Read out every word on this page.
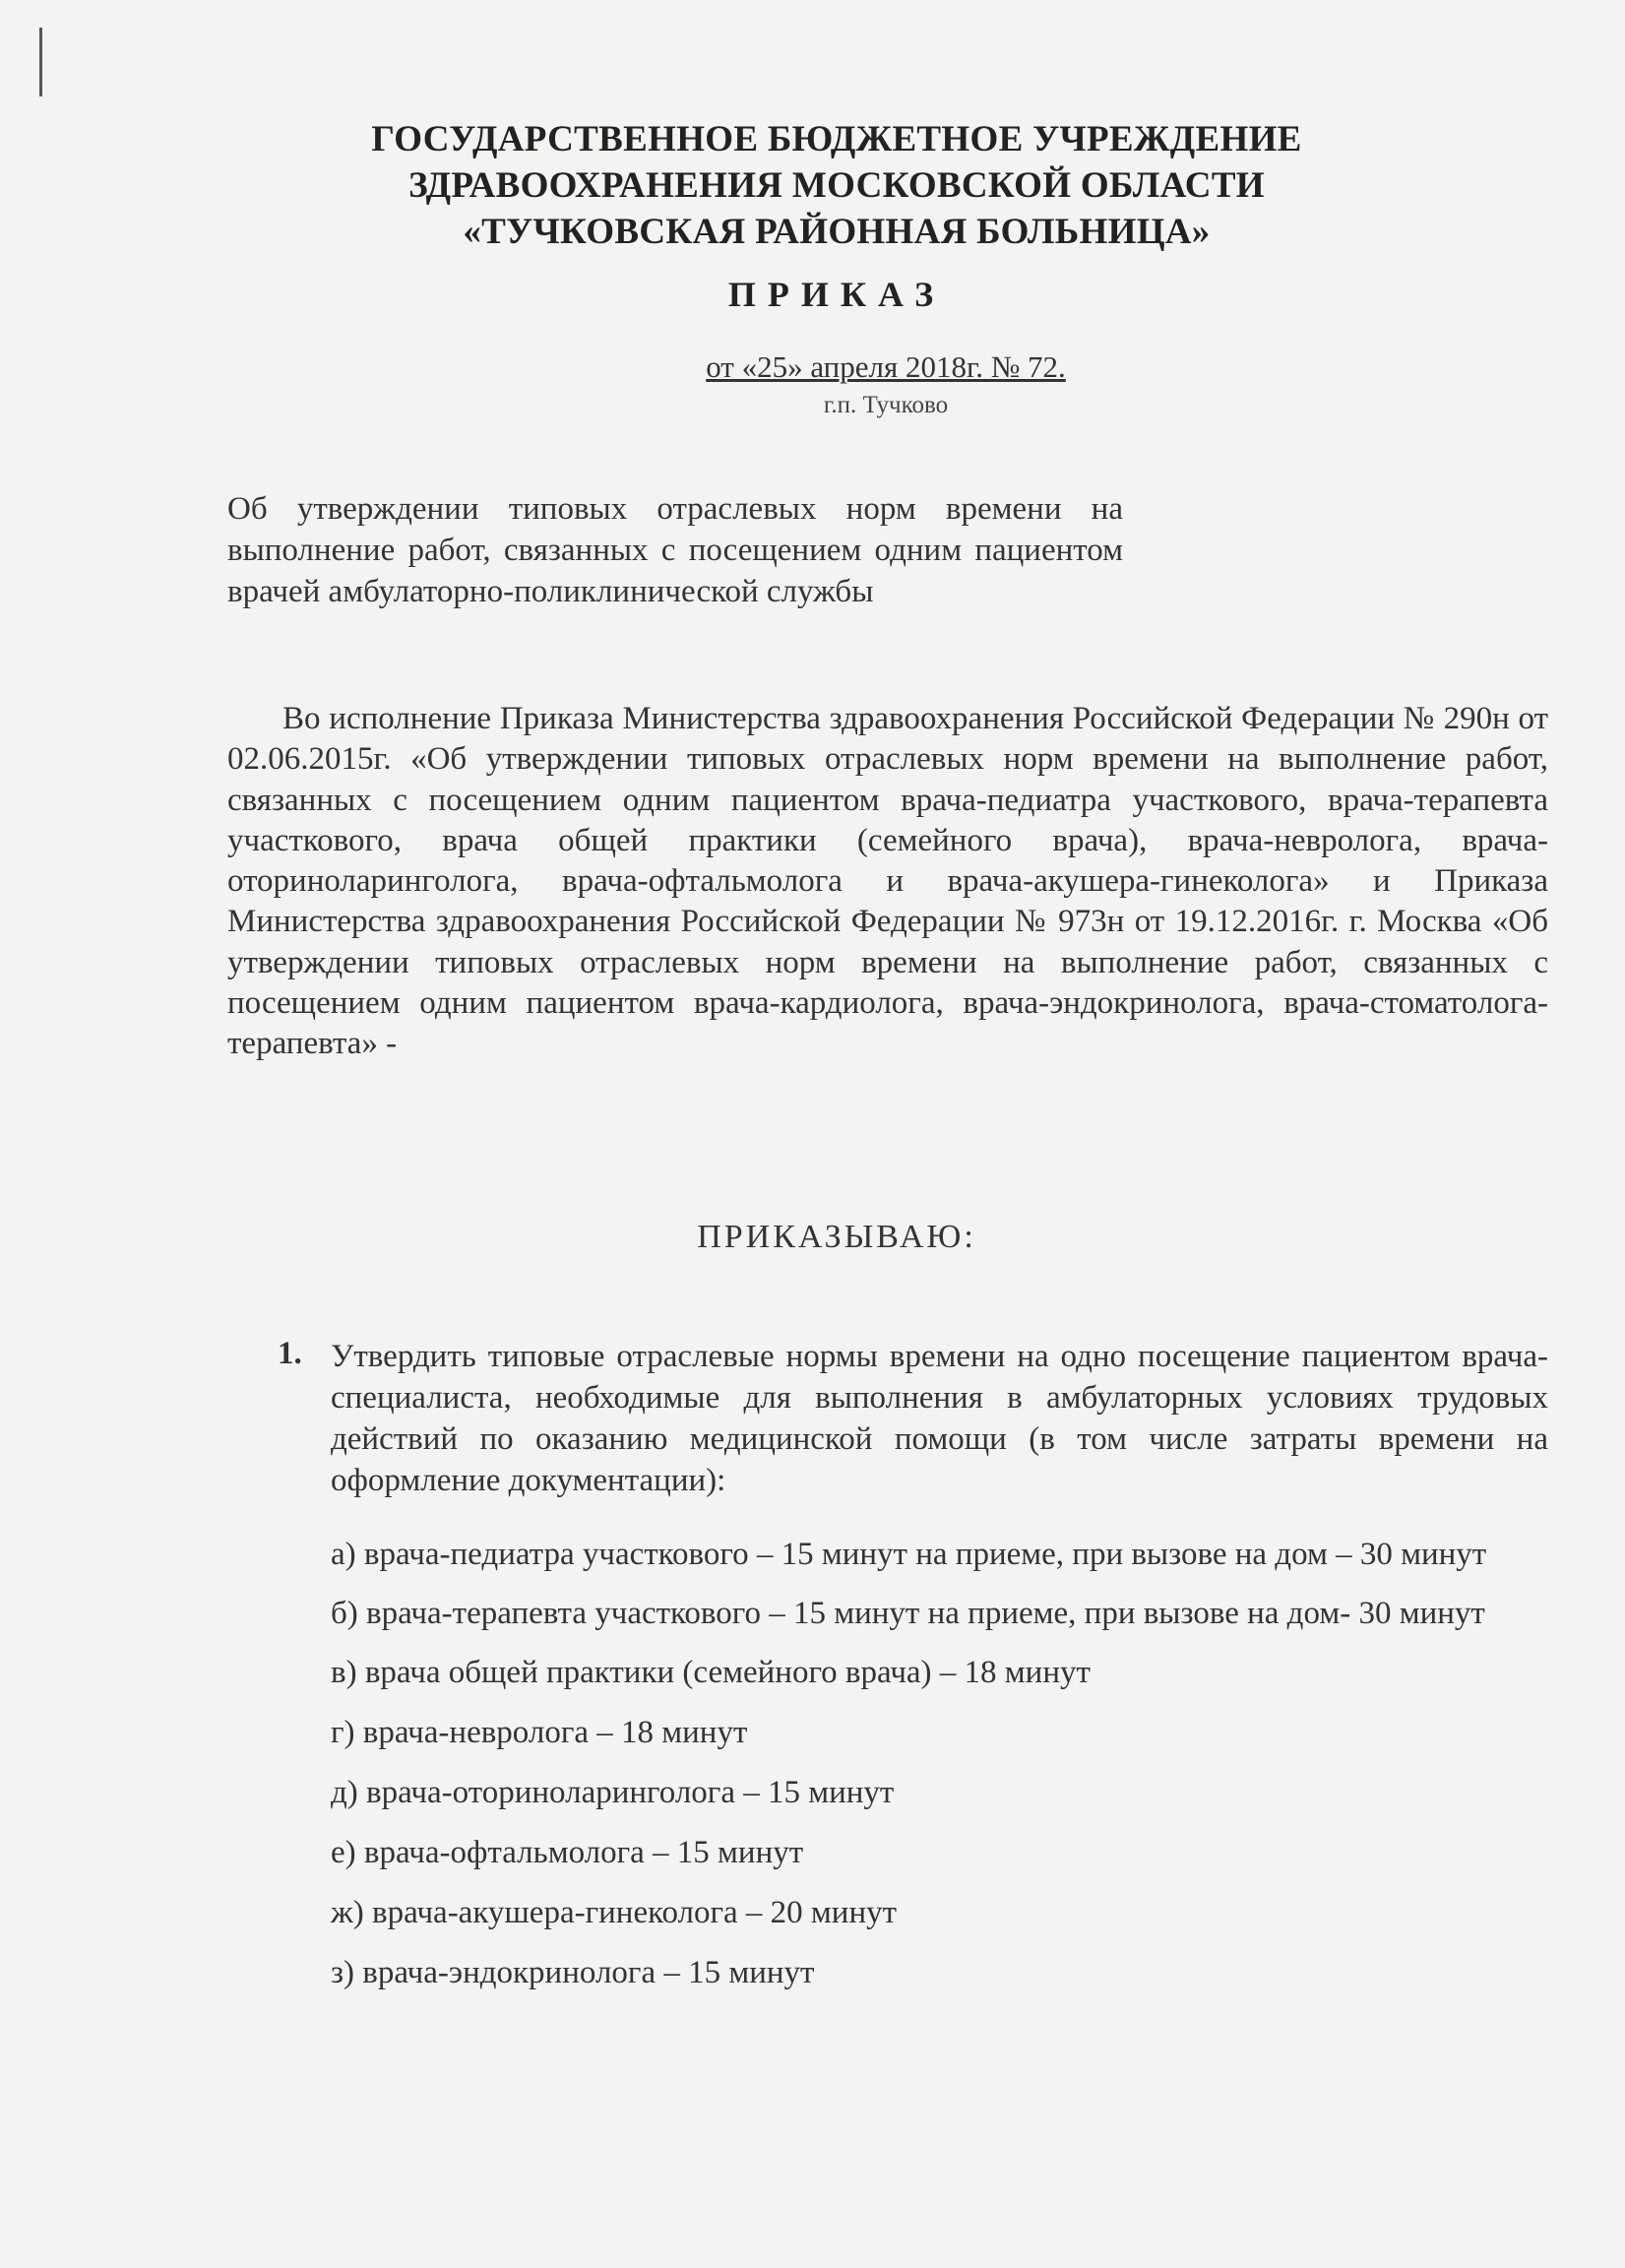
ГОСУДАРСТВЕННОЕ БЮДЖЕТНОЕ УЧРЕЖДЕНИЕ
ЗДРАВООХРАНЕНИЯ МОСКОВСКОЙ ОБЛАСТИ
«ТУЧКОВСКАЯ РАЙОННАЯ БОЛЬНИЦА»
ПРИКАЗ
от «25» апреля 2018г. № 72.
г.п. Тучково
Об утверждении типовых отраслевых норм времени на выполнение работ, связанных с посещением одним пациентом врачей амбулаторно-поликлинической службы
Во исполнение Приказа Министерства здравоохранения Российской Федерации № 290н от 02.06.2015г. «Об утверждении типовых отраслевых норм времени на выполнение работ, связанных с посещением одним пациентом врача-педиатра участкового, врача-терапевта участкового, врача общей практики (семейного врача), врача-невролога, врача-оториноларинголога, врача-офтальмолога и врача-акушера-гинеколога» и Приказа Министерства здравоохранения Российской Федерации № 973н от 19.12.2016г. г. Москва «Об утверждении типовых отраслевых норм времени на выполнение работ, связанных с посещением одним пациентом врача-кардиолога, врача-эндокринолога, врача-стоматолога-терапевта» -
ПРИКАЗЫВАЮ:
1. Утвердить типовые отраслевые нормы времени на одно посещение пациентом врача- специалиста, необходимые для выполнения в амбулаторных условиях трудовых действий по оказанию медицинской помощи (в том числе затраты времени на оформление документации):

а) врача-педиатра участкового – 15 минут на приеме, при вызове на дом – 30 минут

б) врача-терапевта участкового – 15 минут на приеме, при вызове на дом- 30 минут

в) врача общей практики (семейного врача) – 18 минут

г) врача-невролога – 18 минут

д) врача-оториноларинголога – 15 минут

е) врача-офтальмолога – 15 минут

ж) врача-акушера-гинеколога – 20 минут

з) врача-эндокринолога – 15 минут
